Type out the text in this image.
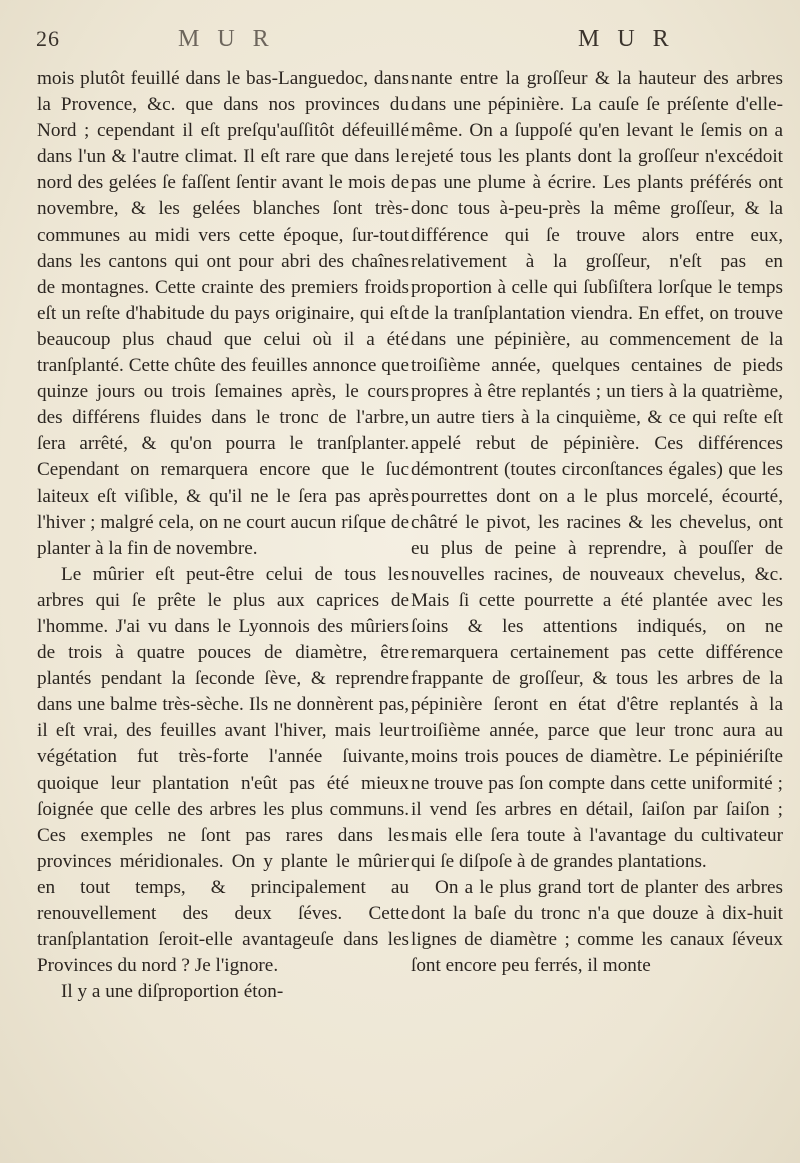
26	M U R	M U R

mois plutôt feuillé dans le bas-Languedoc, dans la Provence, &c. que dans nos provinces du Nord ; cependant il eſt preſqu'auſſitôt défeuillé dans l'un & l'autre climat. Il eſt rare que dans le nord des gelées ſe faſſent ſentir avant le mois de novembre, & les gelées blanches ſont très-communes au midi vers cette époque, ſur-tout dans les cantons qui ont pour abri des chaînes de montagnes. Cette crainte des premiers froids eſt un reſte d'habitude du pays originaire, qui eſt beaucoup plus chaud que celui où il a été tranſplanté. Cette chûte des feuilles annonce que quinze jours ou trois ſemaines après, le cours des différens fluides dans le tronc de l'arbre, ſera arrêté, & qu'on pourra le tranſplanter. Cependant on remarquera encore que le ſuc laiteux eſt viſible, & qu'il ne le ſera pas après l'hiver ; malgré cela, on ne court aucun riſque de planter à la fin de novembre.

Le mûrier eſt peut-être celui de tous les arbres qui ſe prête le plus aux caprices de l'homme. J'ai vu dans le Lyonnois des mûriers de trois à quatre pouces de diamètre, être plantés pendant la ſeconde ſève, & reprendre dans une balme très-sèche. Ils ne donnèrent pas, il eſt vrai, des feuilles avant l'hiver, mais leur végétation fut très-forte l'année ſuivante, quoique leur plantation n'eût pas été mieux ſoignée que celle des arbres les plus communs. Ces exemples ne ſont pas rares dans les provinces méridionales. On y plante le mûrier en tout temps, & principalement au renouvellement des deux ſéves. Cette tranſplantation ſeroit-elle avantageuſe dans les Provinces du nord ? Je l'ignore.

Il y a une diſproportion éton-

nante entre la groſſeur & la hauteur des arbres dans une pépinière. La cauſe ſe préſente d'elle-même. On a ſuppoſé qu'en levant le ſemis on a rejeté tous les plants dont la groſſeur n'excédoit pas une plume à écrire. Les plants préférés ont donc tous à-peu-près la même groſſeur, & la différence qui ſe trouve alors entre eux, relativement à la groſſeur, n'eſt pas en proportion à celle qui ſubſiſtera lorſque le temps de la tranſplantation viendra. En effet, on trouve dans une pépinière, au commencement de la troiſième année, quelques centaines de pieds propres à être replantés ; un tiers à la quatrième, un autre tiers à la cinquième, & ce qui reſte eſt appelé rebut de pépinière. Ces différences démontrent (toutes circonſtances égales) que les pourrettes dont on a le plus morcelé, écourté, châtré le pivot, les racines & les chevelus, ont eu plus de peine à reprendre, à pouſſer de nouvelles racines, de nouveaux chevelus, &c. Mais ſi cette pourrette a été plantée avec les ſoins & les attentions indiqués, on ne remarquera certainement pas cette différence frappante de groſſeur, & tous les arbres de la pépinière ſeront en état d'être replantés à la troiſième année, parce que leur tronc aura au moins trois pouces de diamètre. Le pépiniériſte ne trouve pas ſon compte dans cette uniformité ; il vend ſes arbres en détail, ſaiſon par ſaiſon ; mais elle ſera toute à l'avantage du cultivateur qui ſe diſpoſe à de grandes plantations.

On a le plus grand tort de planter des arbres dont la baſe du tronc n'a que douze à dix-huit lignes de diamètre ; comme les canaux ſéveux ſont encore peu ferrés, il monte
